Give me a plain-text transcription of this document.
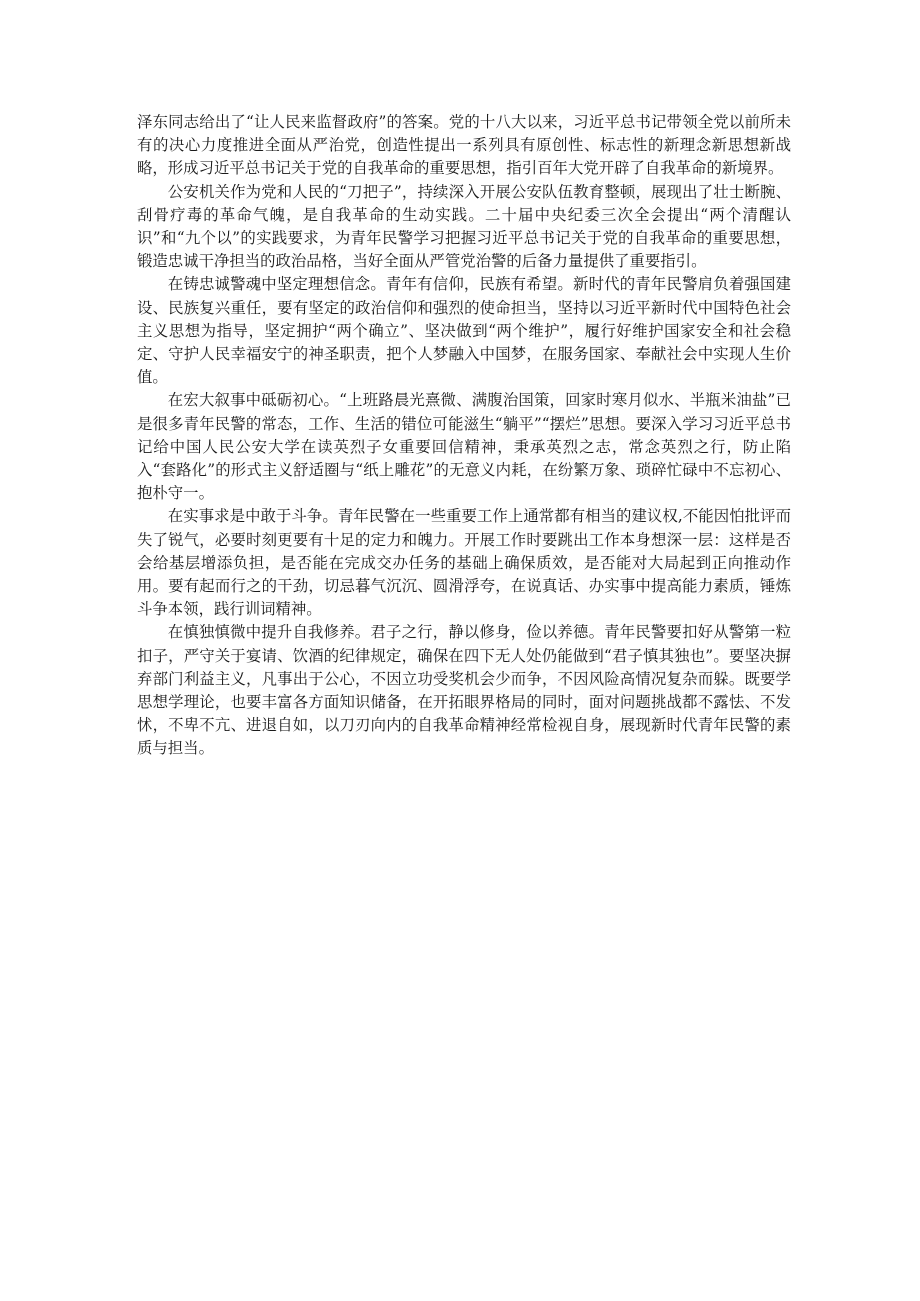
泽东同志给出了“让人民来监督政府”的答案。党的十八大以来，习近平总书记带领全党以前所未有的决心力度推进全面从严治党，创造性提出一系列具有原创性、标志性的新理念新思想新战略，形成习近平总书记关于党的自我革命的重要思想，指引百年大党开辟了自我革命的新境界。

公安机关作为党和人民的“刀把子”，持续深入开展公安队伍教育整顿，展现出了壮士断腕、刮骨疗毒的革命气魄，是自我革命的生动实践。二十届中央纪委三次全会提出“两个清醒认识”和“九个以”的实践要求，为青年民警学习把握习近平总书记关于党的自我革命的重要思想，锻造忠诚干净担当的政治品格，当好全面从严管党治警的后备力量提供了重要指引。

在铸忠诚警魂中坚定理想信念。青年有信仰，民族有希望。新时代的青年民警肩负着强国建设、民族复兴重任，要有坚定的政治信仰和强烈的使命担当，坚持以习近平新时代中国特色社会主义思想为指导，坚定拥护“两个确立”、坚决做到“两个维护”，履行好维护国家安全和社会稳定、守护人民幸福安宁的神圣职责，把个人梦融入中国梦，在服务国家、奉献社会中实现人生价值。

在宏大叙事中砥砺初心。“上班路晨光熹微、满腹治国策，回家时寒月似水、半瓶米油盐”已是很多青年民警的常态，工作、生活的错位可能滋生“躺平”“摆烂”思想。要深入学习习近平总书记给中国人民公安大学在读英烈子女重要回信精神，秉承英烈之志，常念英烈之行，防止陷入“套路化”的形式主义舒适圈与“纸上雕花”的无意义内耗，在纷繁万象、琐碎忙碌中不忘初心、抱朴守一。

在实事求是中敢于斗争。青年民警在一些重要工作上通常都有相当的建议权,不能因怕批评而失了锐气，必要时刻更要有十足的定力和魄力。开展工作时要跳出工作本身想深一层：这样是否会给基层增添负担，是否能在完成交办任务的基础上确保质效，是否能对大局起到正向推动作用。要有起而行之的干劲，切忌暮气沉沉、圆滑浮夸，在说真话、办实事中提高能力素质，锤炼斗争本领，践行训词精神。

在慎独慎微中提升自我修养。君子之行，静以修身，俭以养德。青年民警要扣好从警第一粒扣子，严守关于宴请、饮酒的纪律规定，确保在四下无人处仍能做到“君子慎其独也”。要坚决摒弃部门利益主义，凡事出于公心，不因立功受奖机会少而争，不因风险高情况复杂而躲。既要学思想学理论，也要丰富各方面知识储备，在开拓眼界格局的同时，面对问题挑战都不露怯、不发怵，不卑不亢、进退自如，以刀刃向内的自我革命精神经常检视自身，展现新时代青年民警的素质与担当。
